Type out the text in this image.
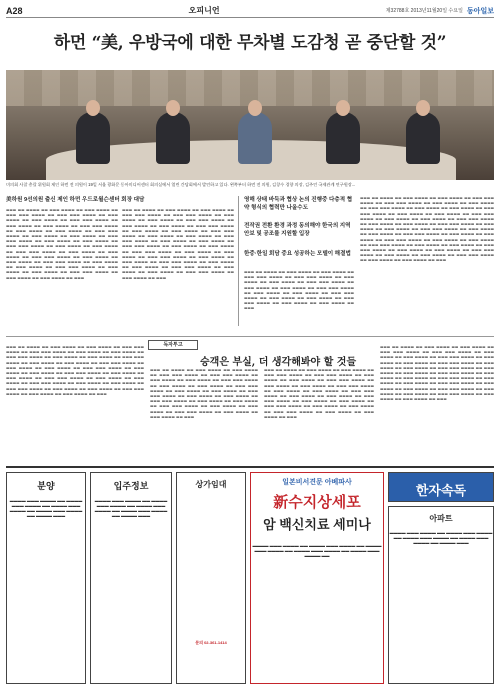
A28	오피니언	제32788호 2013년11월20일 수요일 동아일보
하먼 “美, 우방국에 대한 무차별 도감청 곧 중단할 것”
미의회 사찰 총괄 위원회 제인 하먼 전 의원이 19일 서울 광화문 동아미디어센터 회의실에서 열린 간담회에서 발언하고 있다. 왼쪽부터 하먼 전 의원, 김창수 경향 의장, 김주언 국제관계 연구원장...
美하원 9선의원 출신 제인 하먼 우드로윌슨센터 회장 대담
▬▬▬ ▬▬ ▬▬▬▬ ▬▬ ▬▬▬ ▬▬▬▬ ▬▬ ▬▬▬ ▬▬▬▬ ▬▬ ▬▬▬ ▬▬▬ ▬▬▬▬ ▬▬ ▬▬▬ ▬▬▬ ▬▬▬▬ ▬▬ ▬▬▬ ▬▬▬▬ ▬▬ ▬▬▬ ▬▬▬▬ ▬▬ ▬▬▬ ▬▬▬ ▬▬▬▬ ▬▬ ▬▬▬ ▬▬▬▬ ▬▬ ▬▬▬ ▬▬▬▬ ▬▬ ▬▬▬ ▬▬▬ ▬▬▬▬ ▬▬ ▬▬▬ ▬▬▬▬ ▬▬ ▬▬▬ ▬▬▬▬ ▬▬ ▬▬▬ ▬▬▬ ▬▬▬▬ ▬▬ ▬▬▬ ▬▬▬▬ ▬▬ ▬▬▬ ▬▬▬▬ ▬▬ ▬▬▬ ▬▬▬ ▬▬▬▬ ▬▬ ▬▬▬ ▬▬▬▬ ▬▬ ▬▬▬ ▬▬▬▬ ▬▬ ▬▬▬ ▬▬▬ ▬▬▬▬ ▬▬ ▬▬▬ ▬▬▬▬ ▬▬ ▬▬▬ ▬▬▬▬ ▬▬ ▬▬▬ ▬▬▬ ▬▬▬▬ ▬▬ ▬▬▬ ▬▬▬▬ ▬▬ ▬▬▬ ▬▬▬▬ ▬▬ ▬▬▬ ▬▬▬ ▬▬▬▬ ▬▬ ▬▬▬ ▬▬▬▬ ▬▬ ▬▬▬ ▬▬▬▬ ▬▬ ▬▬▬ ▬▬▬ ▬▬▬▬ ▬▬ ▬▬▬ ▬▬▬▬ ▬▬ ▬▬▬ ▬▬▬▬ ▬▬ ▬▬▬ ▬▬▬ ▬▬▬▬ ▬▬ ▬▬▬ ▬▬▬▬ ▬▬ ▬▬▬ ▬▬▬▬ ▬▬ ▬▬▬ ▬▬▬ ▬▬▬▬ ▬▬ ▬▬▬ ▬▬▬▬ ▬▬ ▬▬▬ ▬▬▬▬ ▬▬ ▬▬▬
▬▬▬ ▬▬ ▬▬▬▬ ▬▬ ▬▬▬ ▬▬▬▬ ▬▬ ▬▬▬ ▬▬▬▬ ▬▬ ▬▬▬ ▬▬▬ ▬▬▬▬ ▬▬ ▬▬▬ ▬▬▬ ▬▬▬▬ ▬▬ ▬▬▬ ▬▬▬▬ ▬▬ ▬▬▬ ▬▬▬▬ ▬▬ ▬▬▬ ▬▬▬ ▬▬▬▬ ▬▬ ▬▬▬ ▬▬▬▬ ▬▬ ▬▬▬ ▬▬▬▬ ▬▬ ▬▬▬ ▬▬▬ ▬▬▬▬ ▬▬ ▬▬▬ ▬▬▬▬ ▬▬ ▬▬▬ ▬▬▬▬ ▬▬ ▬▬▬ ▬▬▬ ▬▬▬▬ ▬▬ ▬▬▬ ▬▬▬▬ ▬▬ ▬▬▬ ▬▬▬▬ ▬▬ ▬▬▬ ▬▬▬ ▬▬▬▬ ▬▬ ▬▬▬ ▬▬▬▬ ▬▬ ▬▬▬ ▬▬▬▬ ▬▬ ▬▬▬ ▬▬▬ ▬▬▬▬ ▬▬ ▬▬▬ ▬▬▬▬ ▬▬ ▬▬▬ ▬▬▬▬ ▬▬ ▬▬▬ ▬▬▬ ▬▬▬▬ ▬▬ ▬▬▬ ▬▬▬▬ ▬▬ ▬▬▬ ▬▬▬▬ ▬▬ ▬▬▬ ▬▬▬ ▬▬▬▬ ▬▬ ▬▬▬ ▬▬▬▬ ▬▬ ▬▬▬ ▬▬▬▬ ▬▬ ▬▬▬ ▬▬▬ ▬▬▬▬ ▬▬ ▬▬▬ ▬▬▬▬ ▬▬ ▬▬▬ ▬▬▬▬ ▬▬ ▬▬▬ ▬▬▬ ▬▬▬▬ ▬▬ ▬▬▬ ▬▬▬▬ ▬▬ ▬▬▬ ▬▬▬▬ ▬▬ ▬▬▬ ▬▬▬ ▬▬▬▬ ▬▬ ▬▬▬ ▬▬▬▬ ▬▬ ▬▬▬
영해 상태 바둑과 협상 논의 진행중 다층적 협약 형식의 협력만 나올수도
전작권 전환 환경 과정 동의해야 한국의 지역 안보 및 공조를 지원할 입장
한중·한일 회담 중요 성공하는 모델이 해결법
▬▬▬ ▬▬ ▬▬▬▬ ▬▬ ▬▬▬ ▬▬▬▬ ▬▬ ▬▬▬ ▬▬▬▬ ▬▬ ▬▬▬ ▬▬▬ ▬▬▬▬ ▬▬ ▬▬▬ ▬▬▬ ▬▬▬▬ ▬▬ ▬▬▬ ▬▬▬▬ ▬▬ ▬▬▬ ▬▬▬▬ ▬▬ ▬▬▬ ▬▬▬ ▬▬▬▬ ▬▬ ▬▬▬ ▬▬▬▬ ▬▬ ▬▬▬ ▬▬▬▬ ▬▬ ▬▬▬ ▬▬▬ ▬▬▬▬ ▬▬ ▬▬▬ ▬▬▬▬ ▬▬ ▬▬▬ ▬▬▬▬ ▬▬ ▬▬▬ ▬▬▬ ▬▬▬▬ ▬▬ ▬▬▬ ▬▬▬▬ ▬▬ ▬▬▬ ▬▬▬▬ ▬▬ ▬▬▬ ▬▬▬ ▬▬▬▬ ▬▬ ▬▬▬ ▬▬▬▬ ▬▬ ▬▬▬ ▬▬▬▬ ▬▬ ▬▬▬
▬▬▬ ▬▬ ▬▬▬▬ ▬▬ ▬▬▬ ▬▬▬▬ ▬▬ ▬▬▬ ▬▬▬▬ ▬▬ ▬▬▬ ▬▬▬ ▬▬▬▬ ▬▬ ▬▬▬ ▬▬▬ ▬▬▬▬ ▬▬ ▬▬▬ ▬▬▬▬ ▬▬ ▬▬▬ ▬▬▬▬ ▬▬ ▬▬▬ ▬▬▬ ▬▬▬▬ ▬▬ ▬▬▬ ▬▬▬▬ ▬▬ ▬▬▬ ▬▬▬▬ ▬▬ ▬▬▬ ▬▬▬ ▬▬▬▬ ▬▬ ▬▬▬ ▬▬▬▬ ▬▬ ▬▬▬ ▬▬▬▬ ▬▬ ▬▬▬ ▬▬▬ ▬▬▬▬ ▬▬ ▬▬▬ ▬▬▬▬ ▬▬ ▬▬▬ ▬▬▬▬ ▬▬ ▬▬▬ ▬▬▬ ▬▬▬▬ ▬▬ ▬▬▬ ▬▬▬▬ ▬▬ ▬▬▬ ▬▬▬▬ ▬▬ ▬▬▬ ▬▬▬ ▬▬▬▬ ▬▬ ▬▬▬ ▬▬▬▬ ▬▬ ▬▬▬ ▬▬▬▬ ▬▬ ▬▬▬ ▬▬▬ ▬▬▬▬ ▬▬ ▬▬▬ ▬▬▬▬ ▬▬ ▬▬▬ ▬▬▬▬ ▬▬ ▬▬▬ ▬▬▬ ▬▬▬▬ ▬▬ ▬▬▬ ▬▬▬▬ ▬▬ ▬▬▬ ▬▬▬▬ ▬▬ ▬▬▬ ▬▬▬ ▬▬▬▬ ▬▬ ▬▬▬ ▬▬▬▬ ▬▬ ▬▬▬ ▬▬▬▬ ▬▬ ▬▬▬ ▬▬▬ ▬▬▬▬ ▬▬ ▬▬▬ ▬▬▬▬ ▬▬ ▬▬▬ ▬▬▬▬ ▬▬ ▬▬▬ ▬▬▬ ▬▬▬▬ ▬▬ ▬▬▬ ▬▬▬▬ ▬▬ ▬▬▬ ▬▬▬▬ ▬▬ ▬▬▬ ▬▬▬ ▬▬▬▬ ▬▬ ▬▬▬ ▬▬▬▬ ▬▬ ▬▬▬ ▬▬▬▬ ▬▬ ▬▬▬ ▬▬▬ ▬▬▬▬ ▬▬ ▬▬▬ ▬▬▬▬ ▬▬ ▬▬▬ ▬▬▬▬ ▬▬ ▬▬▬
독자투고
승객은 부실, 더 생각해봐야 할 것들
▬▬▬ ▬▬ ▬▬▬▬ ▬▬ ▬▬▬ ▬▬▬▬ ▬▬ ▬▬▬ ▬▬▬▬ ▬▬ ▬▬▬ ▬▬▬ ▬▬▬▬ ▬▬ ▬▬▬ ▬▬▬ ▬▬▬▬ ▬▬ ▬▬▬ ▬▬▬▬ ▬▬ ▬▬▬ ▬▬▬▬ ▬▬ ▬▬▬ ▬▬▬ ▬▬▬▬ ▬▬ ▬▬▬ ▬▬▬▬ ▬▬ ▬▬▬ ▬▬▬▬ ▬▬ ▬▬▬ ▬▬▬ ▬▬▬▬ ▬▬ ▬▬▬ ▬▬▬▬ ▬▬ ▬▬▬ ▬▬▬▬ ▬▬ ▬▬▬ ▬▬▬ ▬▬▬▬ ▬▬ ▬▬▬ ▬▬▬▬ ▬▬ ▬▬▬ ▬▬▬▬ ▬▬ ▬▬▬ ▬▬▬ ▬▬▬▬ ▬▬ ▬▬▬ ▬▬▬▬ ▬▬ ▬▬▬ ▬▬▬▬ ▬▬ ▬▬▬ ▬▬▬ ▬▬▬▬ ▬▬ ▬▬▬ ▬▬▬▬ ▬▬ ▬▬▬ ▬▬▬▬ ▬▬ ▬▬▬ ▬▬▬ ▬▬▬▬ ▬▬ ▬▬▬ ▬▬▬▬ ▬▬ ▬▬▬ ▬▬▬▬ ▬▬ ▬▬▬ ▬▬▬ ▬▬▬▬ ▬▬ ▬▬▬ ▬▬▬▬ ▬▬ ▬▬▬ ▬▬▬▬ ▬▬ ▬▬▬ ▬▬▬ ▬▬▬▬ ▬▬ ▬▬▬ ▬▬▬▬ ▬▬ ▬▬▬ ▬▬▬▬ ▬▬ ▬▬▬ ▬▬▬ ▬▬▬▬ ▬▬ ▬▬▬ ▬▬▬▬ ▬▬ ▬▬▬ ▬▬▬▬ ▬▬ ▬▬▬
▬▬▬ ▬▬ ▬▬▬▬ ▬▬ ▬▬▬ ▬▬▬▬ ▬▬ ▬▬▬ ▬▬▬▬ ▬▬ ▬▬▬ ▬▬▬ ▬▬▬▬ ▬▬ ▬▬▬ ▬▬▬ ▬▬▬▬ ▬▬ ▬▬▬ ▬▬▬▬ ▬▬ ▬▬▬ ▬▬▬▬ ▬▬ ▬▬▬ ▬▬▬ ▬▬▬▬ ▬▬ ▬▬▬ ▬▬▬▬ ▬▬ ▬▬▬ ▬▬▬▬ ▬▬ ▬▬▬ ▬▬▬ ▬▬▬▬ ▬▬ ▬▬▬ ▬▬▬▬ ▬▬ ▬▬▬ ▬▬▬▬ ▬▬ ▬▬▬ ▬▬▬ ▬▬▬▬ ▬▬ ▬▬▬ ▬▬▬▬ ▬▬ ▬▬▬ ▬▬▬▬ ▬▬ ▬▬▬ ▬▬▬ ▬▬▬▬ ▬▬ ▬▬▬ ▬▬▬▬ ▬▬ ▬▬▬ ▬▬▬▬ ▬▬ ▬▬▬ ▬▬▬ ▬▬▬▬ ▬▬ ▬▬▬ ▬▬▬▬ ▬▬ ▬▬▬ ▬▬▬▬ ▬▬ ▬▬▬ ▬▬▬ ▬▬▬▬ ▬▬ ▬▬▬ ▬▬▬▬ ▬▬ ▬▬▬ ▬▬▬▬ ▬▬ ▬▬▬
▬▬▬ ▬▬ ▬▬▬▬ ▬▬ ▬▬▬ ▬▬▬▬ ▬▬ ▬▬▬ ▬▬▬▬ ▬▬ ▬▬▬ ▬▬▬ ▬▬▬▬ ▬▬ ▬▬▬ ▬▬▬ ▬▬▬▬ ▬▬ ▬▬▬ ▬▬▬▬ ▬▬ ▬▬▬ ▬▬▬▬ ▬▬ ▬▬▬ ▬▬▬ ▬▬▬▬ ▬▬ ▬▬▬ ▬▬▬▬ ▬▬ ▬▬▬ ▬▬▬▬ ▬▬ ▬▬▬ ▬▬▬ ▬▬▬▬ ▬▬ ▬▬▬ ▬▬▬▬ ▬▬ ▬▬▬ ▬▬▬▬ ▬▬ ▬▬▬ ▬▬▬ ▬▬▬▬ ▬▬ ▬▬▬ ▬▬▬▬ ▬▬ ▬▬▬ ▬▬▬▬ ▬▬ ▬▬▬ ▬▬▬ ▬▬▬▬ ▬▬ ▬▬▬ ▬▬▬▬ ▬▬ ▬▬▬ ▬▬▬▬ ▬▬ ▬▬▬ ▬▬▬ ▬▬▬▬ ▬▬ ▬▬▬ ▬▬▬▬ ▬▬ ▬▬▬ ▬▬▬▬ ▬▬ ▬▬▬ ▬▬▬ ▬▬▬▬ ▬▬ ▬▬▬ ▬▬▬▬ ▬▬ ▬▬▬ ▬▬▬▬ ▬▬ ▬▬▬
▬▬▬ ▬▬ ▬▬▬▬ ▬▬ ▬▬▬ ▬▬▬▬ ▬▬ ▬▬▬ ▬▬▬▬ ▬▬ ▬▬▬ ▬▬▬ ▬▬▬▬ ▬▬ ▬▬▬ ▬▬▬ ▬▬▬▬ ▬▬ ▬▬▬ ▬▬▬▬ ▬▬ ▬▬▬ ▬▬▬▬ ▬▬ ▬▬▬ ▬▬▬ ▬▬▬▬ ▬▬ ▬▬▬ ▬▬▬▬ ▬▬ ▬▬▬ ▬▬▬▬ ▬▬ ▬▬▬ ▬▬▬ ▬▬▬▬ ▬▬ ▬▬▬ ▬▬▬▬ ▬▬ ▬▬▬ ▬▬▬▬ ▬▬ ▬▬▬ ▬▬▬ ▬▬▬▬ ▬▬ ▬▬▬ ▬▬▬▬ ▬▬ ▬▬▬ ▬▬▬▬ ▬▬ ▬▬▬ ▬▬▬ ▬▬▬▬ ▬▬ ▬▬▬ ▬▬▬▬ ▬▬ ▬▬▬ ▬▬▬▬ ▬▬ ▬▬▬ ▬▬▬ ▬▬▬▬ ▬▬ ▬▬▬ ▬▬▬▬ ▬▬ ▬▬▬ ▬▬▬▬ ▬▬ ▬▬▬ ▬▬▬ ▬▬▬▬ ▬▬ ▬▬▬ ▬▬▬▬ ▬▬ ▬▬▬ ▬▬▬▬ ▬▬ ▬▬▬ ▬▬▬ ▬▬▬▬ ▬▬ ▬▬▬ ▬▬▬▬ ▬▬ ▬▬▬ ▬▬▬▬ ▬▬ ▬▬▬ ▬▬▬ ▬▬▬▬ ▬▬ ▬▬▬ ▬▬▬▬ ▬▬ ▬▬▬ ▬▬▬▬ ▬▬ ▬▬▬
분양
▬▬▬▬ ▬▬▬ ▬▬▬▬ ▬▬ ▬▬▬▬ ▬▬▬ ▬▬▬▬ ▬▬ ▬▬▬▬ ▬▬▬ ▬▬▬▬ ▬▬ ▬▬▬▬ ▬▬▬ ▬▬▬▬ ▬▬ ▬▬▬▬ ▬▬▬
입주정보
▬▬▬▬ ▬▬▬ ▬▬▬▬ ▬▬ ▬▬▬▬ ▬▬▬ ▬▬▬▬ ▬▬ ▬▬▬▬ ▬▬▬ ▬▬▬▬ ▬▬ ▬▬▬▬ ▬▬▬ ▬▬▬▬ ▬▬ ▬▬▬▬ ▬▬▬
상가임대
문의 02-361-1414
일본비서견문 아베파사
新수지상세포
암 백신치료 세미나
▬▬▬▬ ▬▬▬ ▬▬▬▬ ▬▬ ▬▬▬▬ ▬▬▬ ▬▬▬▬ ▬▬ ▬▬▬▬ ▬▬▬ ▬▬▬▬ ▬▬ ▬▬▬▬ ▬▬▬ ▬▬▬▬ ▬▬ ▬▬▬▬ ▬▬▬ ▬▬▬▬ ▬▬
한자속독
아파트
▬▬▬▬ ▬▬▬ ▬▬▬▬ ▬▬ ▬▬▬▬ ▬▬▬ ▬▬▬▬ ▬▬ ▬▬▬▬ ▬▬▬ ▬▬▬▬ ▬▬ ▬▬▬▬ ▬▬▬ ▬▬▬▬ ▬▬ ▬▬▬▬ ▬▬▬
